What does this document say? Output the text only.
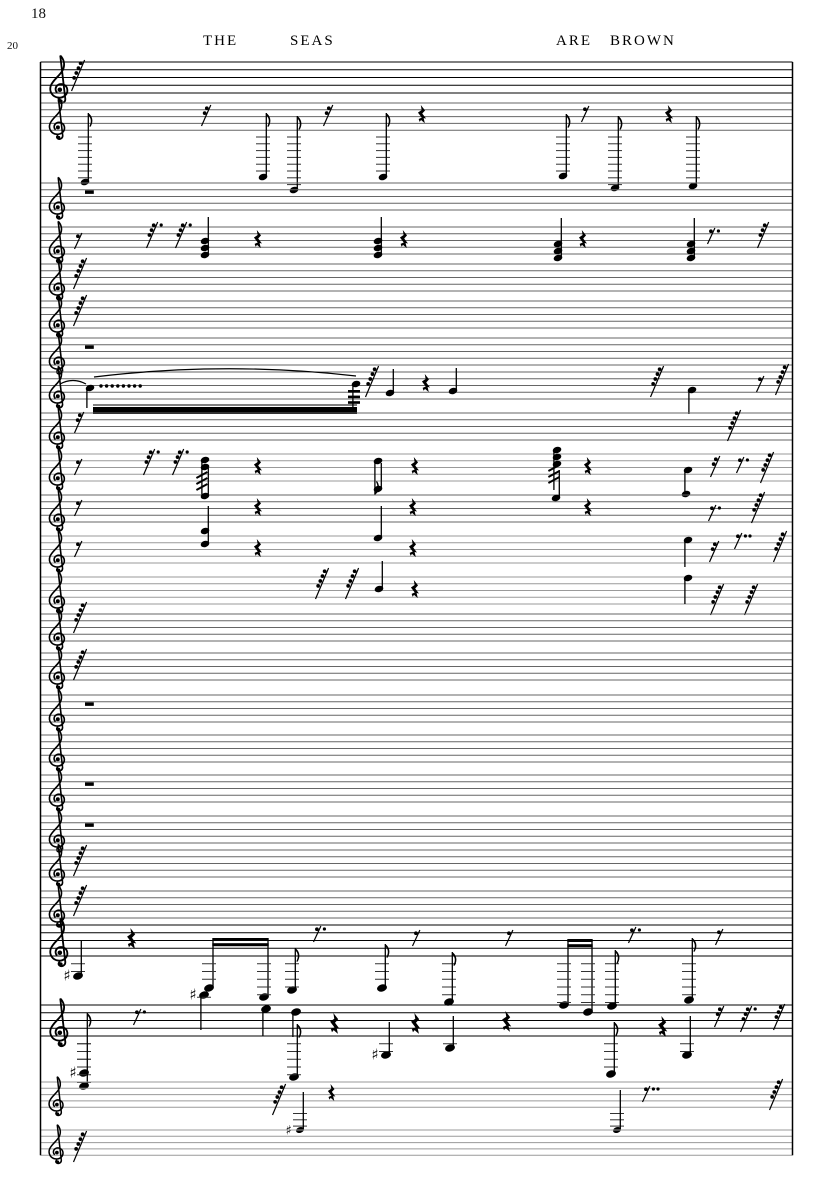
18
20	THE	SEAS	ARE BROWN
♯
♯
♯
♯
♯
